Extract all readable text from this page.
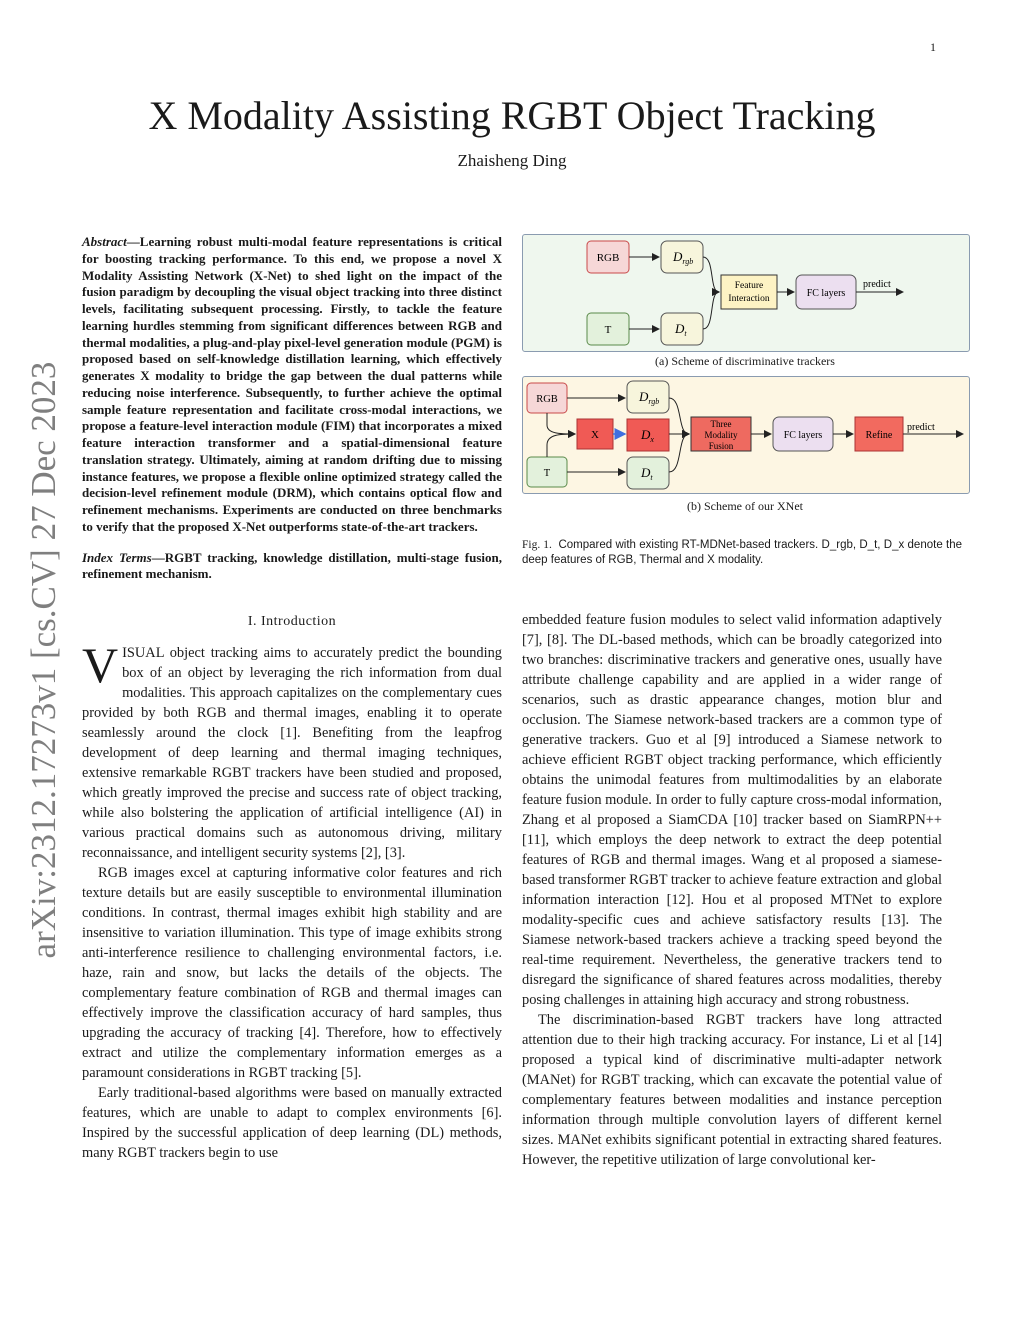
1
arXiv:2312.17273v1 [cs.CV] 27 Dec 2023
X Modality Assisting RGBT Object Tracking
Zhaisheng Ding

Abstract—Learning robust multi-modal feature representations is critical for boosting tracking performance. To this end, we propose a novel X Modality Assisting Network (X-Net) to shed light on the impact of the fusion paradigm by decoupling the visual object tracking into three distinct levels, facilitating subsequent processing. Firstly, to tackle the feature learning hurdles stemming from significant differences between RGB and thermal modalities, a plug-and-play pixel-level generation module (PGM) is proposed based on self-knowledge distillation learning, which effectively generates X modality to bridge the gap between the dual patterns while reducing noise interference. Subsequently, to further achieve the optimal sample feature representation and facilitate cross-modal interactions, we propose a feature-level interaction module (FIM) that incorporates a mixed feature interaction transformer and a spatial-dimensional feature translation strategy. Ultimately, aiming at random drifting due to missing instance features, we propose a flexible online optimized strategy called the decision-level refinement module (DRM), which contains optical flow and refinement mechanisms. Experiments are conducted on three benchmarks to verify that the proposed X-Net outperforms state-of-the-art trackers.

Index Terms—RGBT tracking, knowledge distillation, multi-stage fusion, refinement mechanism.

I. Introduction

VISUAL object tracking aims to accurately predict the bounding box of an object by leveraging the rich information from dual modalities. This approach capitalizes on the complementary cues provided by both RGB and thermal images, enabling it to operate seamlessly around the clock [1]. Benefiting from the leapfrog development of deep learning and thermal imaging techniques, extensive remarkable RGBT trackers have been studied and proposed, which greatly improved the precise and success rate of object tracking, while also bolstering the application of artificial intelligence (AI) in various practical domains such as autonomous driving, military reconnaissance, and intelligent security systems [2], [3].

RGB images excel at capturing informative color features and rich texture details but are easily susceptible to environmental illumination conditions. In contrast, thermal images exhibit high stability and are insensitive to variation illumination. This type of image exhibits strong anti-interference resilience to challenging environmental factors, i.e. haze, rain and snow, but lacks the details of the objects. The complementary feature combination of RGB and thermal images can effectively improve the classification accuracy of hard samples, thus upgrading the accuracy of tracking [4]. Therefore, how to effectively extract and utilize the complementary information emerges as a paramount considerations in RGBT tracking [5].

Early traditional-based algorithms were based on manually extracted features, which are unable to adapt to complex environments [6]. Inspired by the successful application of deep learning (DL) methods, many RGBT trackers begin to use

RGB
T
$D_{rgb}$
$D_t$
Feature
Interaction	FC layers
predict
(a) Scheme of discriminative trackers
RGB
T
X
$D_{rgb}$
$D_x$
$D_t$
Three
Modality
Fusion
FC layers	Refine
predict
(b) Scheme of our XNet
Fig. 1. Compared with existing RT-MDNet-based trackers. D_rgb, D_t, D_x denote the deep features of RGB, Thermal and X modality.

embedded feature fusion modules to select valid information adaptively [7], [8]. The DL-based methods, which can be broadly categorized into two branches: discriminative trackers and generative ones, usually have attribute challenge capability and are applied in a wider range of scenarios, such as drastic appearance changes, motion blur and occlusion. The Siamese network-based trackers are a common type of generative trackers. Guo et al [9] introduced a Siamese network to achieve efficient RGBT object tracking performance, which efficiently obtains the unimodal features from multimodalities by an elaborate feature fusion module. In order to fully capture cross-modal information, Zhang et al proposed a SiamCDA [10] tracker based on SiamRPN++ [11], which employs the deep network to extract the deep potential features of RGB and thermal images. Wang et al proposed a siamese-based transformer RGBT tracker to achieve feature extraction and global information interaction [12]. Hou et al proposed MTNet to explore modality-specific cues and achieve satisfactory results [13]. The Siamese network-based trackers achieve a tracking speed beyond the real-time requirement. Nevertheless, the generative trackers tend to disregard the significance of shared features across modalities, thereby posing challenges in attaining high accuracy and strong robustness.

The discrimination-based RGBT trackers have long attracted attention due to their high tracking accuracy. For instance, Li et al [14] proposed a typical kind of discriminative multi-adapter network (MANet) for RGBT tracking, which can excavate the potential value of complementary features between modalities and instance perception information through multiple convolution layers of different kernel sizes. MANet exhibits significant potential in extracting shared features. However, the repetitive utilization of large convolutional ker-
